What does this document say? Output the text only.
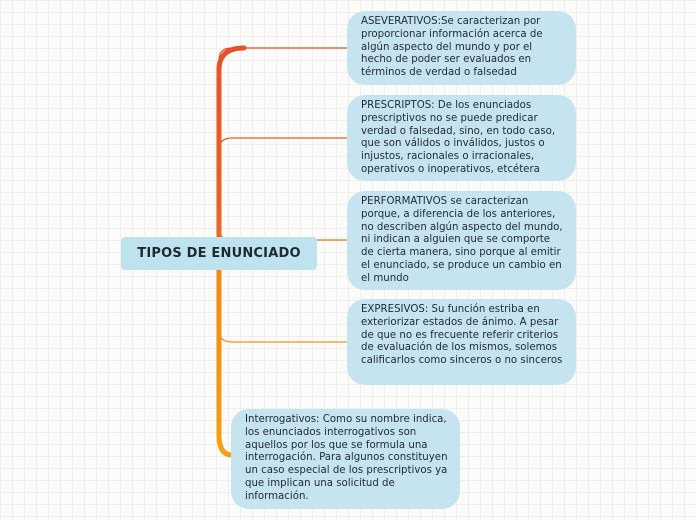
TIPOS DE ENUNCIADO
ASEVERATIVOS:Se caracterizan por proporcionar información acerca de algún aspecto del mundo y por el hecho de poder ser evaluados en términos de verdad o falsedad
PRESCRIPTOS: De los enunciados prescriptivos no se puede predicar verdad o falsedad, sino, en todo caso, que son válidos o inválidos, justos o injustos, racionales o irracionales, operativos o inoperativos, etcétera
PERFORMATIVOS se caracterizan porque, a diferencia de los anteriores, no describen algún aspecto del mundo, ni indican a alguien que se comporte de cierta manera, sino porque al emitir el enunciado, se produce un cambio en el mundo
EXPRESIVOS: Su función estriba en exteriorizar estados de ánimo. A pesar de que no es frecuente referir criterios de evaluación de los mismos, solemos calificarlos como sinceros o no sinceros
Interrogativos: Como su nombre indica, los enunciados interrogativos son aquellos por los que se formula una interrogación. Para algunos constituyen un caso especial de los prescriptivos ya que implican una solicitud de información.
